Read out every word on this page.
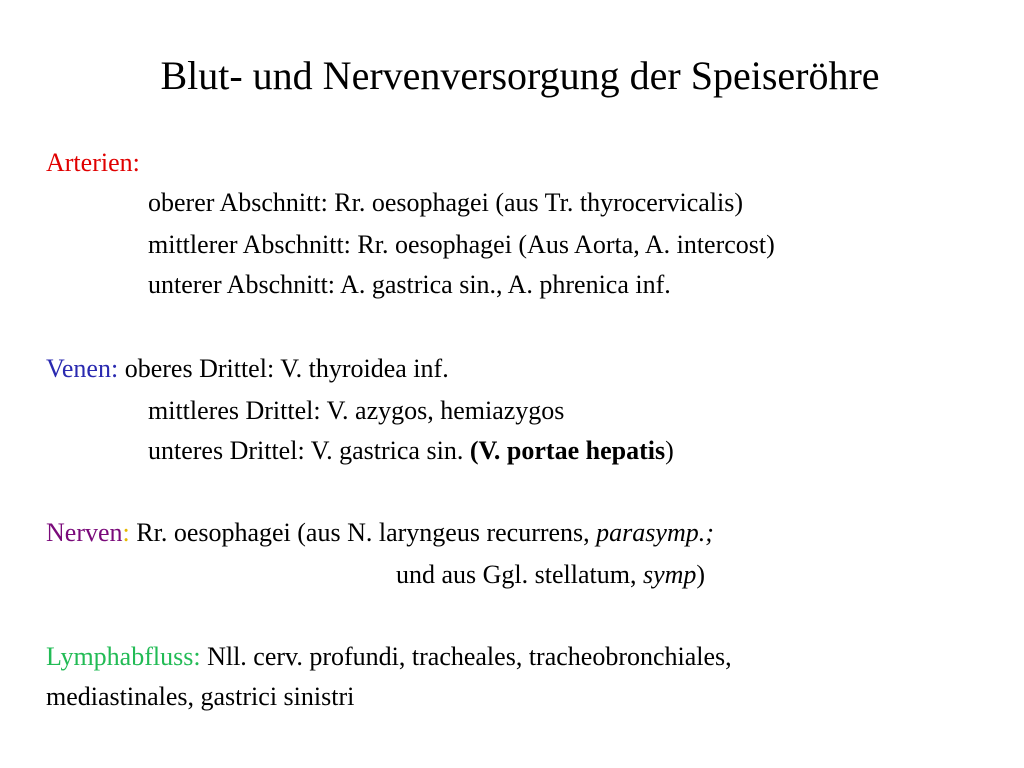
Blut- und Nervenversorgung der Speiseröhre
Arterien:
oberer Abschnitt: Rr. oesophagei (aus Tr. thyrocervicalis)
mittlerer Abschnitt: Rr. oesophagei (Aus Aorta, A. intercost)
unterer Abschnitt: A. gastrica sin., A. phrenica inf.
Venen: oberes Drittel: V. thyroidea inf.
mittleres Drittel: V. azygos, hemiazygos
unteres Drittel: V. gastrica sin. (V. portae hepatis)
Nerven: Rr. oesophagei (aus N. laryngeus recurrens, parasymp.;
und aus Ggl. stellatum, symp)
Lymphabfluss: Nll. cerv. profundi, tracheales, tracheobronchiales,
mediastinales, gastrici sinistri
